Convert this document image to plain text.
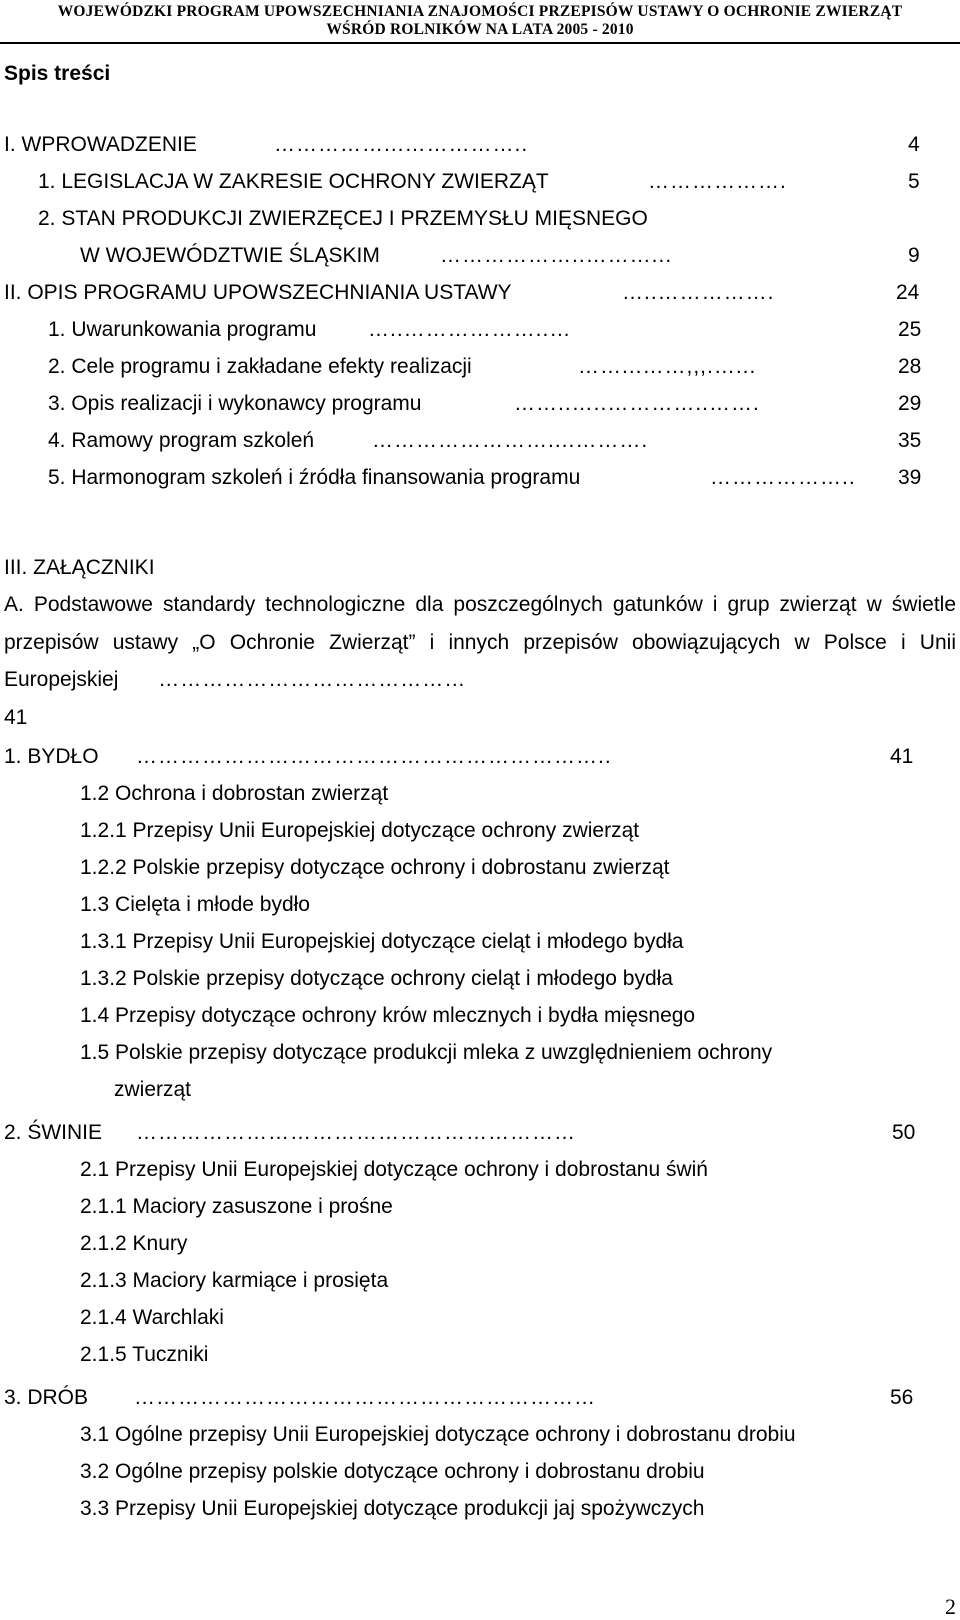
WOJEWÓDZKI PROGRAM UPOWSZECHNIANIA ZNAJOMOŚCI PRZEPISÓW USTAWY O OCHRONIE ZWIERZĄT
WŚRÓD ROLNIKÓW NA LATA 2005 - 2010
Spis treści
I. WPROWADZENIE	……………...……………..	4
1. LEGISLACJA W ZAKRESIE OCHRONY ZWIERZĄT	……………….	5
2. STAN PRODUKCJI ZWIERZĘCEJ I PRZEMYSŁU MIĘSNEGO
W WOJEWÓDZTWIE ŚLĄSKIM	………………..………...	9
II. OPIS PROGRAMU UPOWSZECHNIANIA USTAWY	…..…………….	24
1. Uwarunkowania programu …..………………..…	25
2. Cele programu i zakładane efekty realizacji	……...……,,,.…...	28
3. Opis realizacji i wykonawcy programu	……..…..…………..…….	29
4. Ramowy program szkoleń	……………………....……….	35
5. Harmonogram szkoleń i źródła finansowania programu	………………..	39
III. ZAŁĄCZNIKI
A. Podstawowe standardy technologiczne dla poszczególnych gatunków i grup zwierząt w świetle przepisów ustawy „O Ochronie Zwierząt” i innych przepisów obowiązujących w Polsce i Unii Europejskiej ……………………………………
41
1. BYDŁO ………………………………………………………..	41
1.2 Ochrona i dobrostan zwierząt
1.2.1 Przepisy Unii Europejskiej dotyczące ochrony zwierząt
1.2.2 Polskie przepisy dotyczące ochrony i dobrostanu zwierząt
1.3 Cielęta i młode bydło
1.3.1 Przepisy Unii Europejskiej dotyczące cieląt i młodego bydła
1.3.2 Polskie przepisy dotyczące ochrony cieląt i młodego bydła
1.4 Przepisy dotyczące ochrony krów mlecznych i bydła mięsnego
1.5 Polskie przepisy dotyczące produkcji mleka z uwzględnieniem ochrony
zwierząt
2. ŚWINIE ……………………………………………………	50
2.1 Przepisy Unii Europejskiej dotyczące ochrony i dobrostanu świń
2.1.1 Maciory zasuszone i prośne
2.1.2 Knury
2.1.3 Maciory karmiące i prosięta
2.1.4 Warchlaki
2.1.5 Tuczniki
3. DRÓB ………………………………………………………	56
3.1 Ogólne przepisy Unii Europejskiej dotyczące ochrony i dobrostanu drobiu
3.2 Ogólne przepisy polskie dotyczące ochrony i dobrostanu drobiu
3.3 Przepisy Unii Europejskiej dotyczące produkcji jaj spożywczych
2
